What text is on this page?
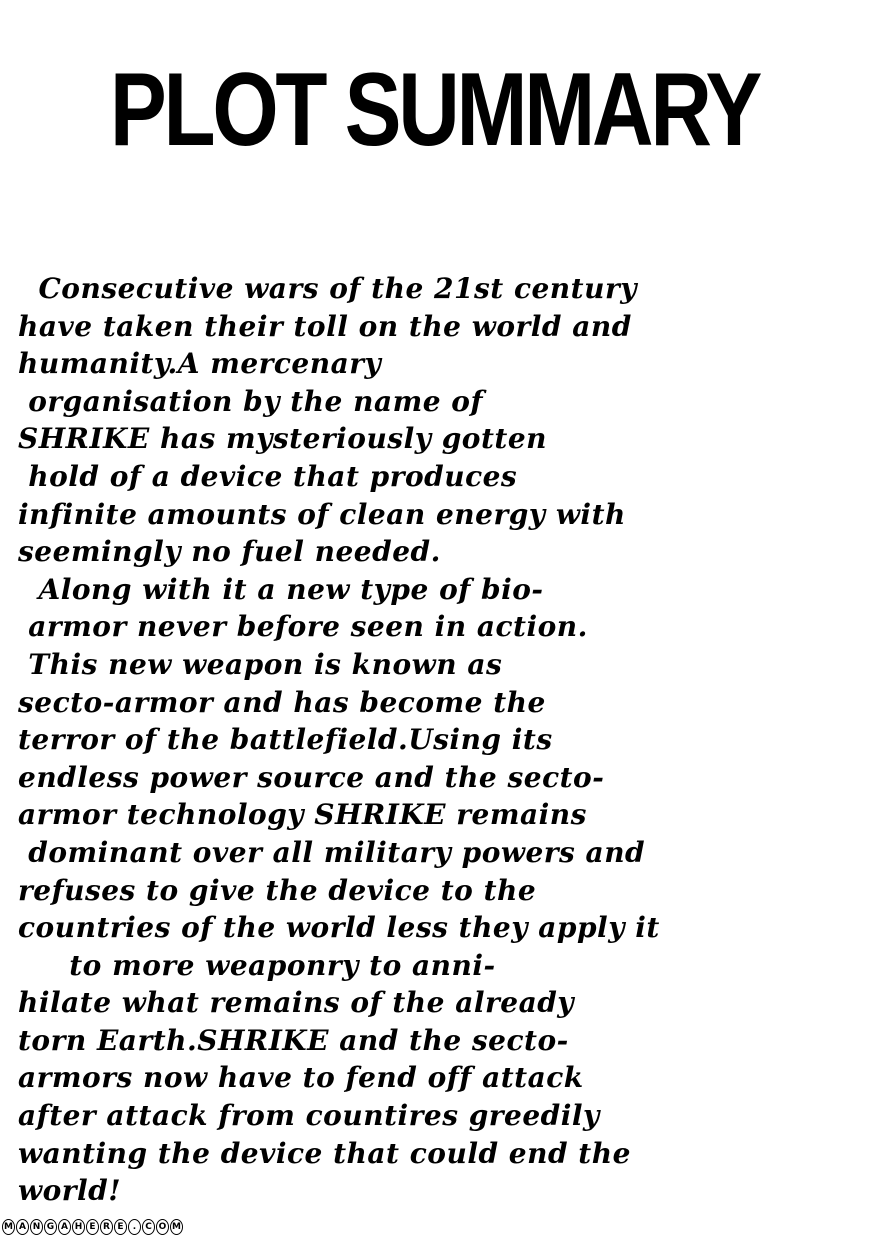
PLOT SUMMARY
Consecutive wars of the 21st century
have taken their toll on the world and
humanity.A mercenary
organisation by the name of
SHRIKE has mysteriously gotten
hold of a device that produces
infinite amounts of clean energy with
seemingly no fuel needed.
Along with it a new type of bio-
armor never before seen in action.
This new weapon is known as
secto-armor and has become the
terror of the battlefield.Using its
endless power source and the secto-
armor technology SHRIKE remains
dominant over all military powers and
refuses to give the device to the
countries of the world less they apply it
to more weaponry to anni-
hilate what remains of the already
torn Earth.SHRIKE and the secto-
armors now have to fend off attack
after attack from countires greedily
wanting the device that could end the
world!
M A N G A H E R E	. C O M
